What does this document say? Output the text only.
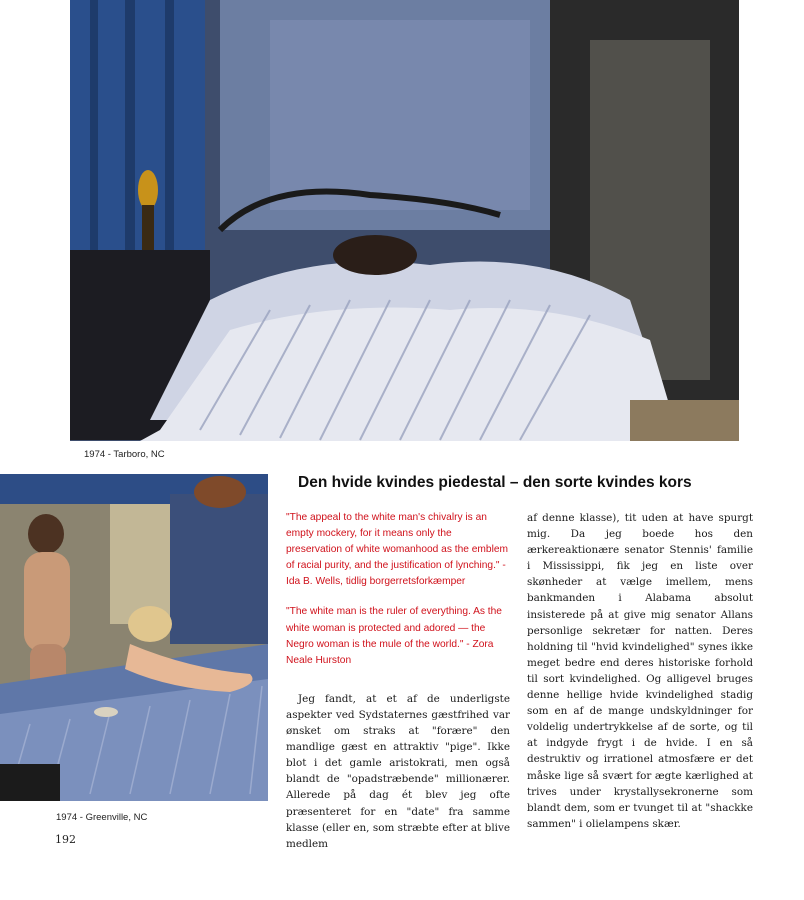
1974 - Tarboro, NC
1974 - Greenville, NC
192
Den hvide kvindes piedestal – den sorte kvindes kors

"The appeal to the white man's chivalry is an empty mockery, for it means only the preservation of white womanhood as the emblem of racial purity, and the justification of lynching." - Ida B. Wells, tidlig borgerretsforkæmper

"The white man is the ruler of everything. As the white woman is protected and adored — the Negro woman is the mule of the world." - Zora Neale Hurston

Jeg fandt, at et af de underligste aspekter ved Sydstaternes gæstfrihed var ønsket om straks at "forære" den mandlige gæst en attraktiv "pige". Ikke blot i det gamle aristokrati, men også blandt de "opadstræbende" millionærer. Allerede på dag ét blev jeg ofte præsenteret for en "date" fra samme klasse (eller en, som stræbte efter at blive medlem

af denne klasse), tit uden at have spurgt mig. Da jeg boede hos den ærkereaktionære senator Stennis' familie i Mississippi, fik jeg en liste over skønheder at vælge imellem, mens bankmanden i Alabama absolut insisterede på at give mig senator Allans personlige sekretær for natten. Deres holdning til "hvid kvindelighed" synes ikke meget bedre end deres historiske forhold til sort kvindelighed. Og alligevel bruges denne hellige hvide kvindelighed stadig som en af de mange undskyldninger for voldelig undertrykkelse af de sorte, og til at indgyde frygt i de hvide. I en så destruktiv og irrationel atmosfære er det måske lige så svært for ægte kærlighed at trives under krystallysekronerne som blandt dem, som er tvunget til at "shackke sammen" i olielampens skær.
